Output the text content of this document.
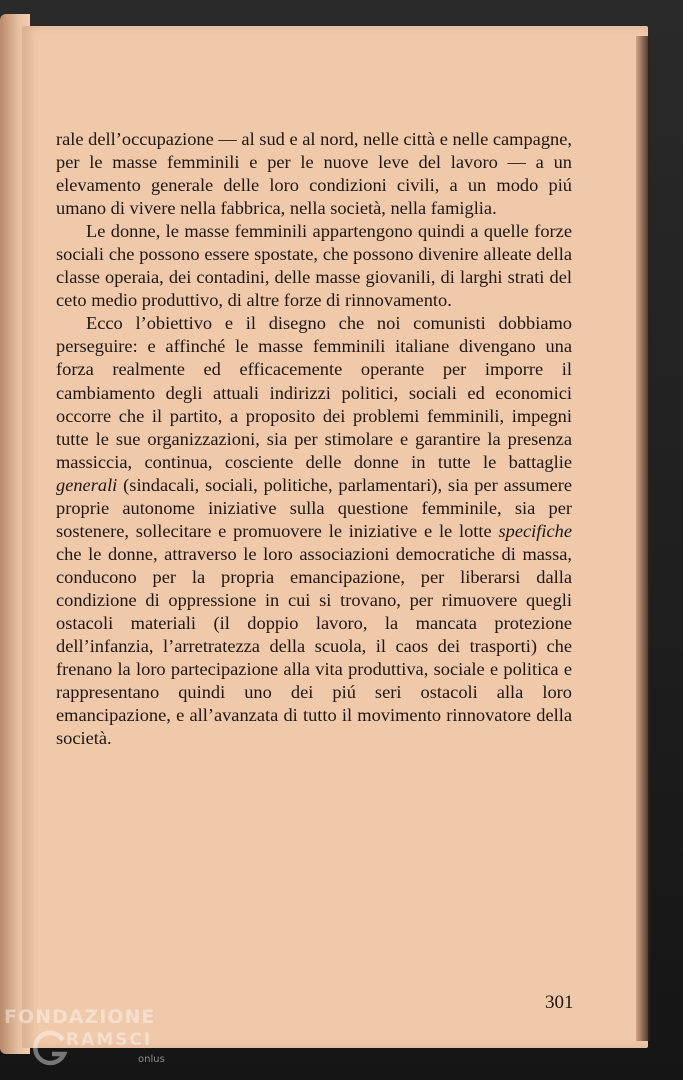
rale dell’occupazione — al sud e al nord, nelle città e nelle campagne, per le masse femminili e per le nuove leve del lavoro — a un elevamento generale delle loro condizioni civili, a un modo piú umano di vivere nella fabbrica, nella società, nella famiglia.

Le donne, le masse femminili appartengono quindi a quelle forze sociali che possono essere spostate, che possono divenire alleate della classe operaia, dei contadini, delle masse giovanili, di larghi strati del ceto medio produttivo, di altre forze di rinnovamento.

Ecco l’obiettivo e il disegno che noi comunisti dobbiamo perseguire: e affinché le masse femminili italiane divengano una forza realmente ed efficacemente operante per imporre il cambiamento degli attuali indirizzi politici, sociali ed economici occorre che il partito, a proposito dei problemi femminili, impegni tutte le sue organizzazioni, sia per stimolare e garantire la presenza massiccia, continua, cosciente delle donne in tutte le battaglie generali (sindacali, sociali, politiche, parlamentari), sia per assumere proprie autonome iniziative sulla questione femminile, sia per sostenere, sollecitare e promuovere le iniziative e le lotte specifiche che le donne, attraverso le loro associazioni democratiche di massa, conducono per la propria emancipazione, per liberarsi dalla condizione di oppressione in cui si trovano, per rimuovere quegli ostacoli materiali (il doppio lavoro, la mancata protezione dell’infanzia, l’arretratezza della scuola, il caos dei trasporti) che frenano la loro partecipazione alla vita produttiva, sociale e politica e rappresentano quindi uno dei piú seri ostacoli alla loro emancipazione, e all’avanzata di tutto il movimento rinnovatore della società.

301
FONDAZIONE
RAMSCI
onlus
